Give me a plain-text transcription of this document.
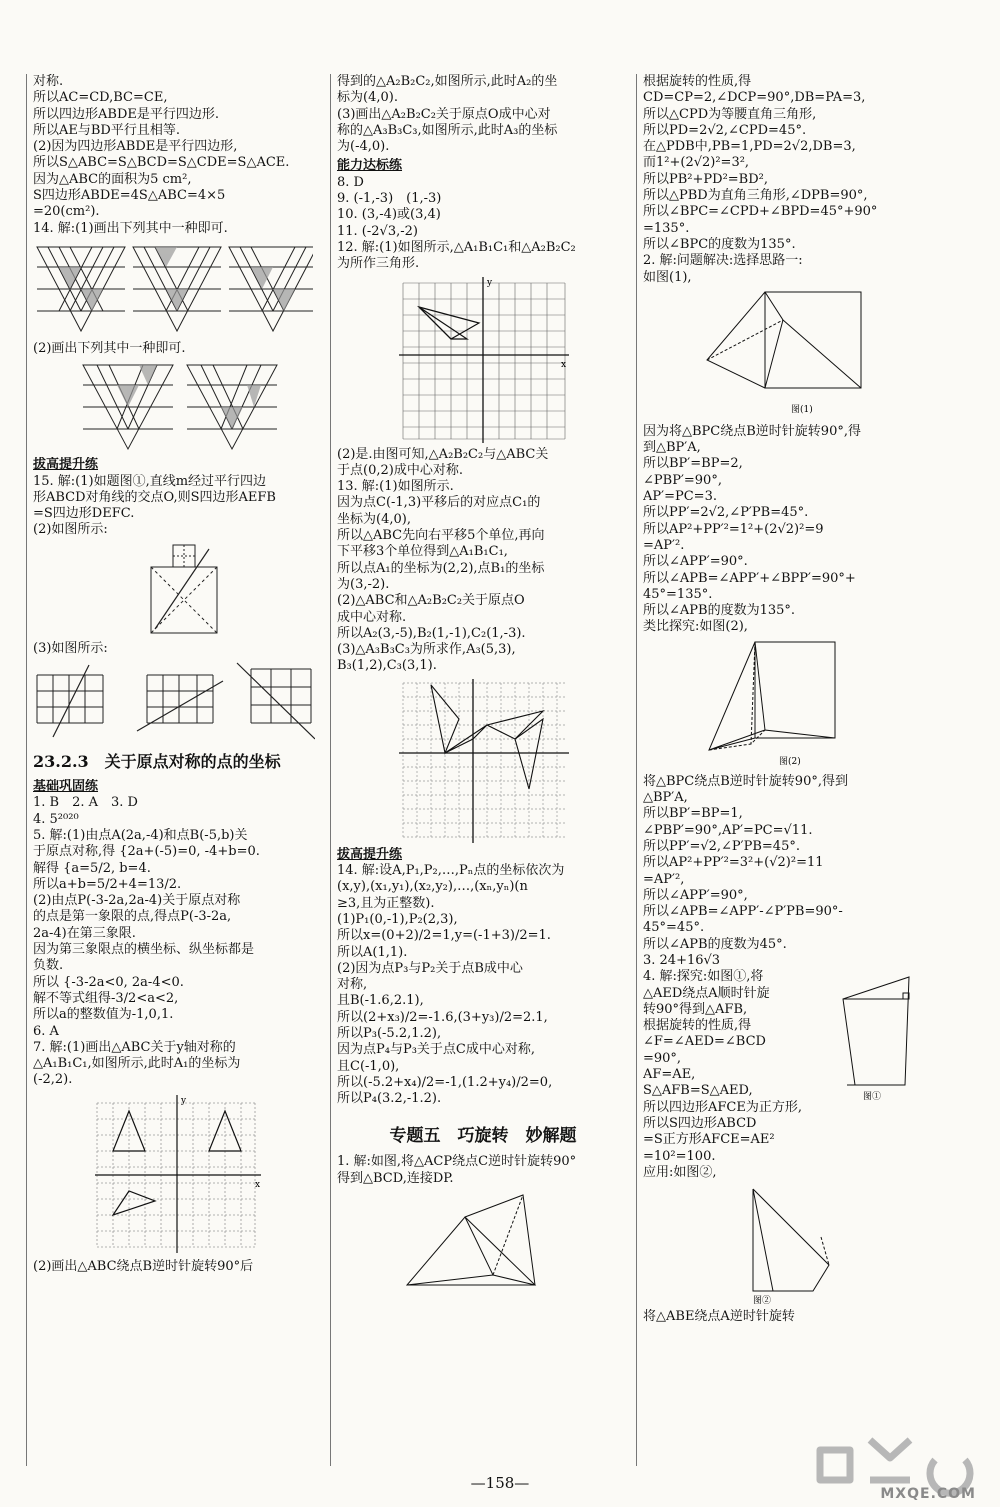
对称.
所以AC=CD,BC=CE,
所以四边形ABDE是平行四边形.
所以AE与BD平行且相等.
(2)因为四边形ABDE是平行四边形,
所以S△ABC=S△BCD=S△CDE=S△ACE.
因为△ABC的面积为5 cm²,
S四边形ABDE=4S△ABC=4×5
=20(cm²).
14. 解:(1)画出下列其中一种即可.
(2)画出下列其中一种即可.
拔高提升练
15. 解:(1)如题图①,直线m经过平行四边
形ABCD对角线的交点O,则S四边形AEFB
=S四边形DEFC.
(2)如图所示:
(3)如图所示:
23.2.3　关于原点对称的点的坐标
基础巩固练
1. B　2. A　3. D
4. 5²⁰²⁰
5. 解:(1)由点A(2a,-4)和点B(-5,b)关
于原点对称,得 {2a+(-5)=0, -4+b=0.
解得 {a=5/2, b=4.
所以a+b=5/2+4=13/2.
(2)由点P(-3-2a,2a-4)关于原点对称
的点是第一象限的点,得点P(-3-2a,
2a-4)在第三象限.
因为第三象限点的横坐标、纵坐标都是
负数.
所以 {-3-2a<0, 2a-4<0.
解不等式组得-3/2<a<2,
所以a的整数值为-1,0,1.
6. A
7. 解:(1)画出△ABC关于y轴对称的
△A₁B₁C₁,如图所示,此时A₁的坐标为
(-2,2).
y
x
(2)画出△ABC绕点B逆时针旋转90°后
得到的△A₂B₂C₂,如图所示,此时A₂的坐
标为(4,0).
(3)画出△A₂B₂C₂关于原点O成中心对
称的△A₃B₃C₃,如图所示,此时A₃的坐标
为(-4,0).
能力达标练
8. D
9. (-1,-3)　(1,-3)
10. (3,-4)或(3,4)
11. (-2√3,-2)
12. 解:(1)如图所示,△A₁B₁C₁和△A₂B₂C₂
为所作三角形.
y
x
(2)是.由图可知,△A₂B₂C₂与△ABC关
于点(0,2)成中心对称.
13. 解:(1)如图所示.
因为点C(-1,3)平移后的对应点C₁的
坐标为(4,0),
所以△ABC先向右平移5个单位,再向
下平移3个单位得到△A₁B₁C₁,
所以点A₁的坐标为(2,2),点B₁的坐标
为(3,-2).
(2)△ABC和△A₂B₂C₂关于原点O
成中心对称.
所以A₂(3,-5),B₂(1,-1),C₂(1,-3).
(3)△A₃B₃C₃为所求作,A₃(5,3),
B₃(1,2),C₃(3,1).
拔高提升练
14. 解:设A,P₁,P₂,…,Pₙ点的坐标依次为
(x,y),(x₁,y₁),(x₂,y₂),…,(xₙ,yₙ)(n
≥3,且为正整数).
(1)P₁(0,-1),P₂(2,3),
所以x=(0+2)/2=1,y=(-1+3)/2=1.
所以A(1,1).
(2)因为点P₃与P₂关于点B成中心
对称,
且B(-1.6,2.1),
所以(2+x₃)/2=-1.6,(3+y₃)/2=2.1,
所以P₃(-5.2,1.2),
因为点P₄与P₃关于点C成中心对称,
且C(-1,0),
所以(-5.2+x₄)/2=-1,(1.2+y₄)/2=0,
所以P₄(3.2,-1.2).
专题五　巧旋转　妙解题
1. 解:如图,将△ACP绕点C逆时针旋转90°
得到△BCD,连接DP.
根据旋转的性质,得
CD=CP=2,∠DCP=90°,DB=PA=3,
所以△CPD为等腰直角三角形,
所以PD=2√2,∠CPD=45°.
在△PDB中,PB=1,PD=2√2,DB=3,
而1²+(2√2)²=3²,
所以PB²+PD²=BD²,
所以△PBD为直角三角形,∠DPB=90°,
所以∠BPC=∠CPD+∠BPD=45°+90°
=135°.
所以∠BPC的度数为135°.
2. 解:问题解决:选择思路一:
如图(1),
图(1)
因为将△BPC绕点B逆时针旋转90°,得
到△BP′A,
所以BP′=BP=2,
∠PBP′=90°,
AP′=PC=3.
所以PP′=2√2,∠P′PB=45°.
所以AP²+PP′²=1²+(2√2)²=9
=AP′².
所以∠APP′=90°.
所以∠APB=∠APP′+∠BPP′=90°+
45°=135°.
所以∠APB的度数为135°.
类比探究:如图(2),
图(2)
将△BPC绕点B逆时针旋转90°,得到
△BP′A,
所以BP′=BP=1,
∠PBP′=90°,AP′=PC=√11.
所以PP′=√2,∠P′PB=45°.
所以AP²+PP′²=3²+(√2)²=11
=AP′²,
所以∠APP′=90°,
所以∠APB=∠APP′-∠P′PB=90°-
45°=45°.
所以∠APB的度数为45°.
3. 24+16√3
4. 解:探究:如图①,将
△AED绕点A顺时针旋
转90°得到△AFB,
根据旋转的性质,得
∠F=∠AED=∠BCD
=90°,
AF=AE,
S△AFB=S△AED,
所以四边形AFCE为正方形,
所以S四边形ABCD
=S正方形AFCE=AE²
=10²=100.
应用:如图②,
图①
图②
将△ABE绕点A逆时针旋转
—158—
MXQE.COM
